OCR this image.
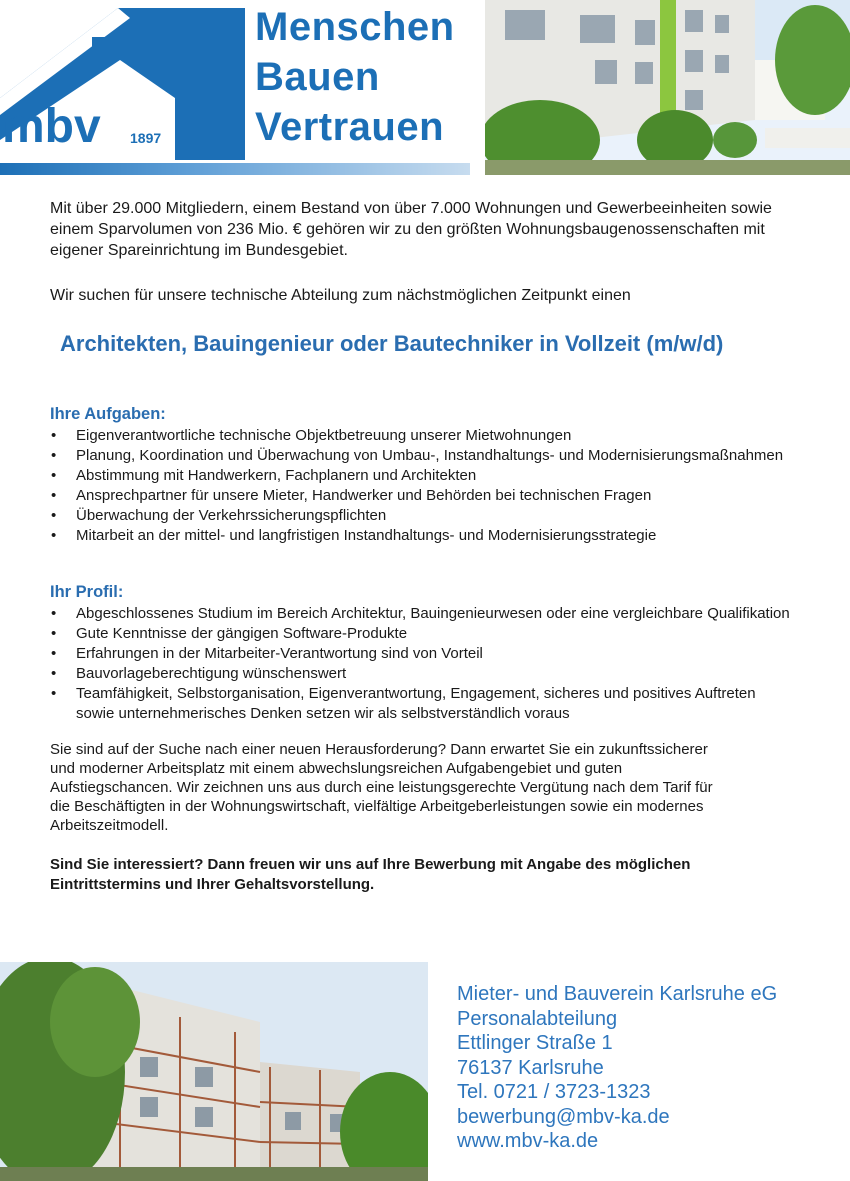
mbv 1897
Menschen
Bauen
Vertrauen

Mit über 29.000 Mitgliedern, einem Bestand von über 7.000 Wohnungen und Gewerbeeinheiten sowie einem Sparvolumen von 236 Mio. € gehören wir zu den größten Wohnungsbaugenossenschaften mit eigener Spareinrichtung im Bundesgebiet.

Wir suchen für unsere technische Abteilung zum nächstmöglichen Zeitpunkt einen

Architekten, Bauingenieur oder Bautechniker in Vollzeit (m/w/d)
Ihre Aufgaben:
• Eigenverantwortliche technische Objektbetreuung unserer Mietwohnungen
• Planung, Koordination und Überwachung von Umbau-, Instandhaltungs- und Modernisierungsmaßnahmen
• Abstimmung mit Handwerkern, Fachplanern und Architekten
• Ansprechpartner für unsere Mieter, Handwerker und Behörden bei technischen Fragen
• Überwachung der Verkehrssicherungspflichten
• Mitarbeit an der mittel- und langfristigen Instandhaltungs- und Modernisierungsstrategie
Ihr Profil:
• Abgeschlossenes Studium im Bereich Architektur, Bauingenieurwesen oder eine vergleichbare Qualifikation
• Gute Kenntnisse der gängigen Software-Produkte
• Erfahrungen in der Mitarbeiter-Verantwortung sind von Vorteil
• Bauvorlageberechtigung wünschenswert
• Teamfähigkeit, Selbstorganisation, Eigenverantwortung, Engagement, sicheres und positives Auftreten sowie unternehmerisches Denken setzen wir als selbstverständlich voraus

Sie sind auf der Suche nach einer neuen Herausforderung? Dann erwartet Sie ein zukunftssicherer und moderner Arbeitsplatz mit einem abwechslungsreichen Aufgabengebiet und guten Aufstiegschancen. Wir zeichnen uns aus durch eine leistungsgerechte Vergütung nach dem Tarif für die Beschäftigten in der Wohnungswirtschaft, vielfältige Arbeitgeberleistungen sowie ein modernes Arbeitszeitmodell.

Sind Sie interessiert? Dann freuen wir uns auf Ihre Bewerbung mit Angabe des möglichen Eintrittstermins und Ihrer Gehaltsvorstellung.

Mieter- und Bauverein Karlsruhe eG
Personalabteilung
Ettlinger Straße 1
76137 Karlsruhe
Tel. 0721 / 3723-1323
bewerbung@mbv-ka.de
www.mbv-ka.de
